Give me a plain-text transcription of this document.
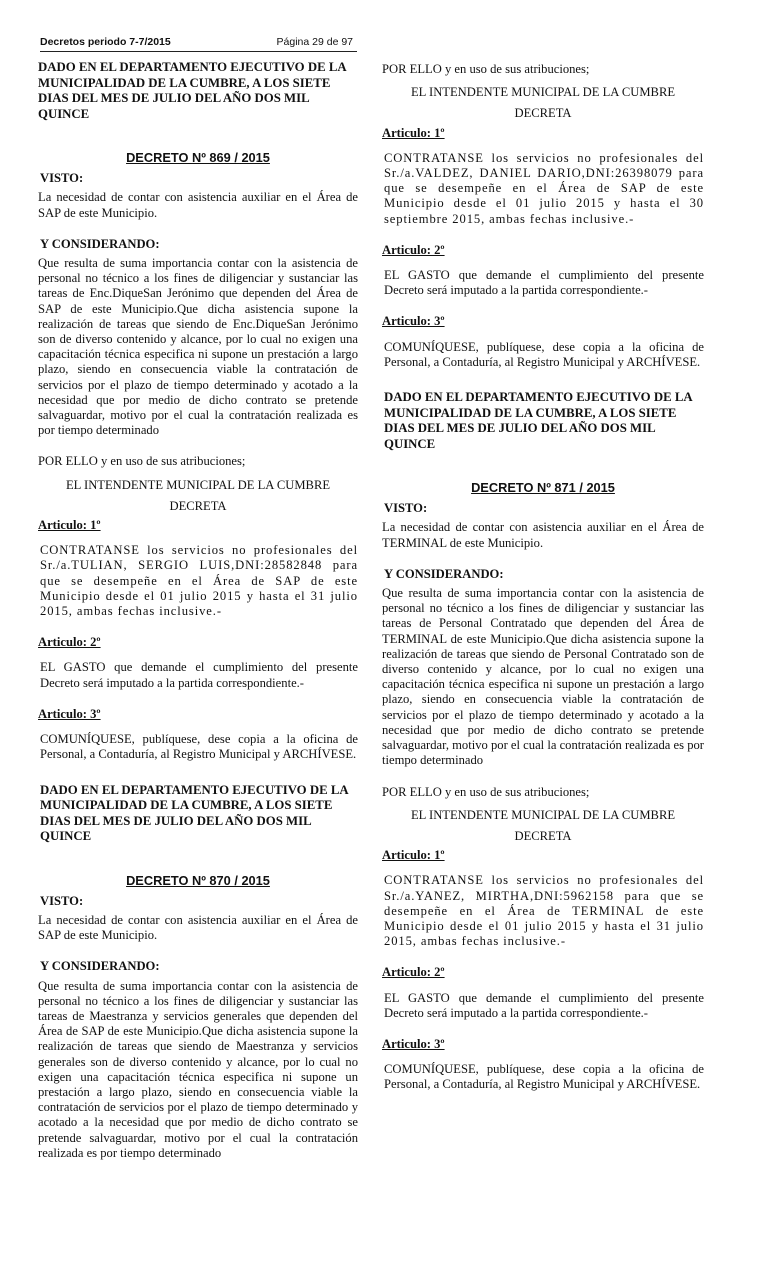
Decretos periodo 7-7/2015	Página 29 de 97
DADO EN EL DEPARTAMENTO EJECUTIVO DE LA MUNICIPALIDAD DE LA CUMBRE, A LOS SIETE DIAS DEL MES DE JULIO DEL AÑO DOS MIL QUINCE
DECRETO Nº 869 / 2015
VISTO:
La necesidad de contar con asistencia auxiliar en el Área de SAP de este Municipio.
Y CONSIDERANDO:
Que resulta de suma importancia contar con la asistencia de personal no técnico a los fines de diligenciar y sustanciar las tareas de Enc.DiqueSan Jerónimo que dependen del Área de SAP de este Municipio.Que dicha asistencia supone la realización de tareas que siendo de Enc.DiqueSan Jerónimo son de diverso contenido y alcance, por lo cual no exigen una capacitación técnica especifica ni supone un prestación a largo plazo, siendo en consecuencia viable la contratación de servicios por el plazo de tiempo determinado y acotado a la necesidad que por medio de dicho contrato se pretende salvaguardar, motivo por el cual la contratación realizada es por tiempo determinado
POR ELLO y en uso de sus atribuciones;
EL INTENDENTE MUNICIPAL DE LA CUMBRE
DECRETA
Articulo: 1º
CONTRATANSE los servicios no profesionales del Sr./a.TULIAN, SERGIO LUIS,DNI:28582848 para que se desempeñe en el Área de SAP de este Municipio desde el 01 julio 2015 y hasta el 31 julio 2015, ambas fechas inclusive.-
Articulo: 2º
EL GASTO que demande el cumplimiento del presente Decreto será imputado a la partida correspondiente.-
Articulo: 3º
COMUNÍQUESE, publíquese, dese copia a la oficina de Personal, a Contaduría, al Registro Municipal y ARCHÍVESE.
DADO EN EL DEPARTAMENTO EJECUTIVO DE LA MUNICIPALIDAD DE LA CUMBRE, A LOS SIETE DIAS DEL MES DE JULIO DEL AÑO DOS MIL QUINCE
DECRETO Nº 870 / 2015
VISTO:
La necesidad de contar con asistencia auxiliar en el Área de SAP de este Municipio.
Y CONSIDERANDO:
Que resulta de suma importancia contar con la asistencia de personal no técnico a los fines de diligenciar y sustanciar las tareas de Maestranza y servicios generales que dependen del Área de SAP de este Municipio.Que dicha asistencia supone la realización de tareas que siendo de Maestranza y servicios generales son de diverso contenido y alcance, por lo cual no exigen una capacitación técnica especifica ni supone un prestación a largo plazo, siendo en consecuencia viable la contratación de servicios por el plazo de tiempo determinado y acotado a la necesidad que por medio de dicho contrato se pretende salvaguardar, motivo por el cual la contratación realizada es por tiempo determinado
POR ELLO y en uso de sus atribuciones;
EL INTENDENTE MUNICIPAL DE LA CUMBRE
DECRETA
Articulo: 1º
CONTRATANSE los servicios no profesionales del Sr./a.VALDEZ, DANIEL DARIO,DNI:26398079 para que se desempeñe en el Área de SAP de este Municipio desde el 01 julio 2015 y hasta el 30 septiembre 2015, ambas fechas inclusive.-
Articulo: 2º
EL GASTO que demande el cumplimiento del presente Decreto será imputado a la partida correspondiente.-
Articulo: 3º
COMUNÍQUESE, publíquese, dese copia a la oficina de Personal, a Contaduría, al Registro Municipal y ARCHÍVESE.
DADO EN EL DEPARTAMENTO EJECUTIVO DE LA MUNICIPALIDAD DE LA CUMBRE, A LOS SIETE DIAS DEL MES DE JULIO DEL AÑO DOS MIL QUINCE
DECRETO Nº 871 / 2015
VISTO:
La necesidad de contar con asistencia auxiliar en el Área de TERMINAL de este Municipio.
Y CONSIDERANDO:
Que resulta de suma importancia contar con la asistencia de personal no técnico a los fines de diligenciar y sustanciar las tareas de Personal Contratado que dependen del Área de TERMINAL de este Municipio.Que dicha asistencia supone la realización de tareas que siendo de Personal Contratado son de diverso contenido y alcance, por lo cual no exigen una capacitación técnica especifica ni supone un prestación a largo plazo, siendo en consecuencia viable la contratación de servicios por el plazo de tiempo determinado y acotado a la necesidad que por medio de dicho contrato se pretende salvaguardar, motivo por el cual la contratación realizada es por tiempo determinado
POR ELLO y en uso de sus atribuciones;
EL INTENDENTE MUNICIPAL DE LA CUMBRE
DECRETA
Articulo: 1º
CONTRATANSE los servicios no profesionales del Sr./a.YANEZ, MIRTHA,DNI:5962158 para que se desempeñe en el Área de TERMINAL de este Municipio desde el 01 julio 2015 y hasta el 31 julio 2015, ambas fechas inclusive.-
Articulo: 2º
EL GASTO que demande el cumplimiento del presente Decreto será imputado a la partida correspondiente.-
Articulo: 3º
COMUNÍQUESE, publíquese, dese copia a la oficina de Personal, a Contaduría, al Registro Municipal y ARCHÍVESE.
